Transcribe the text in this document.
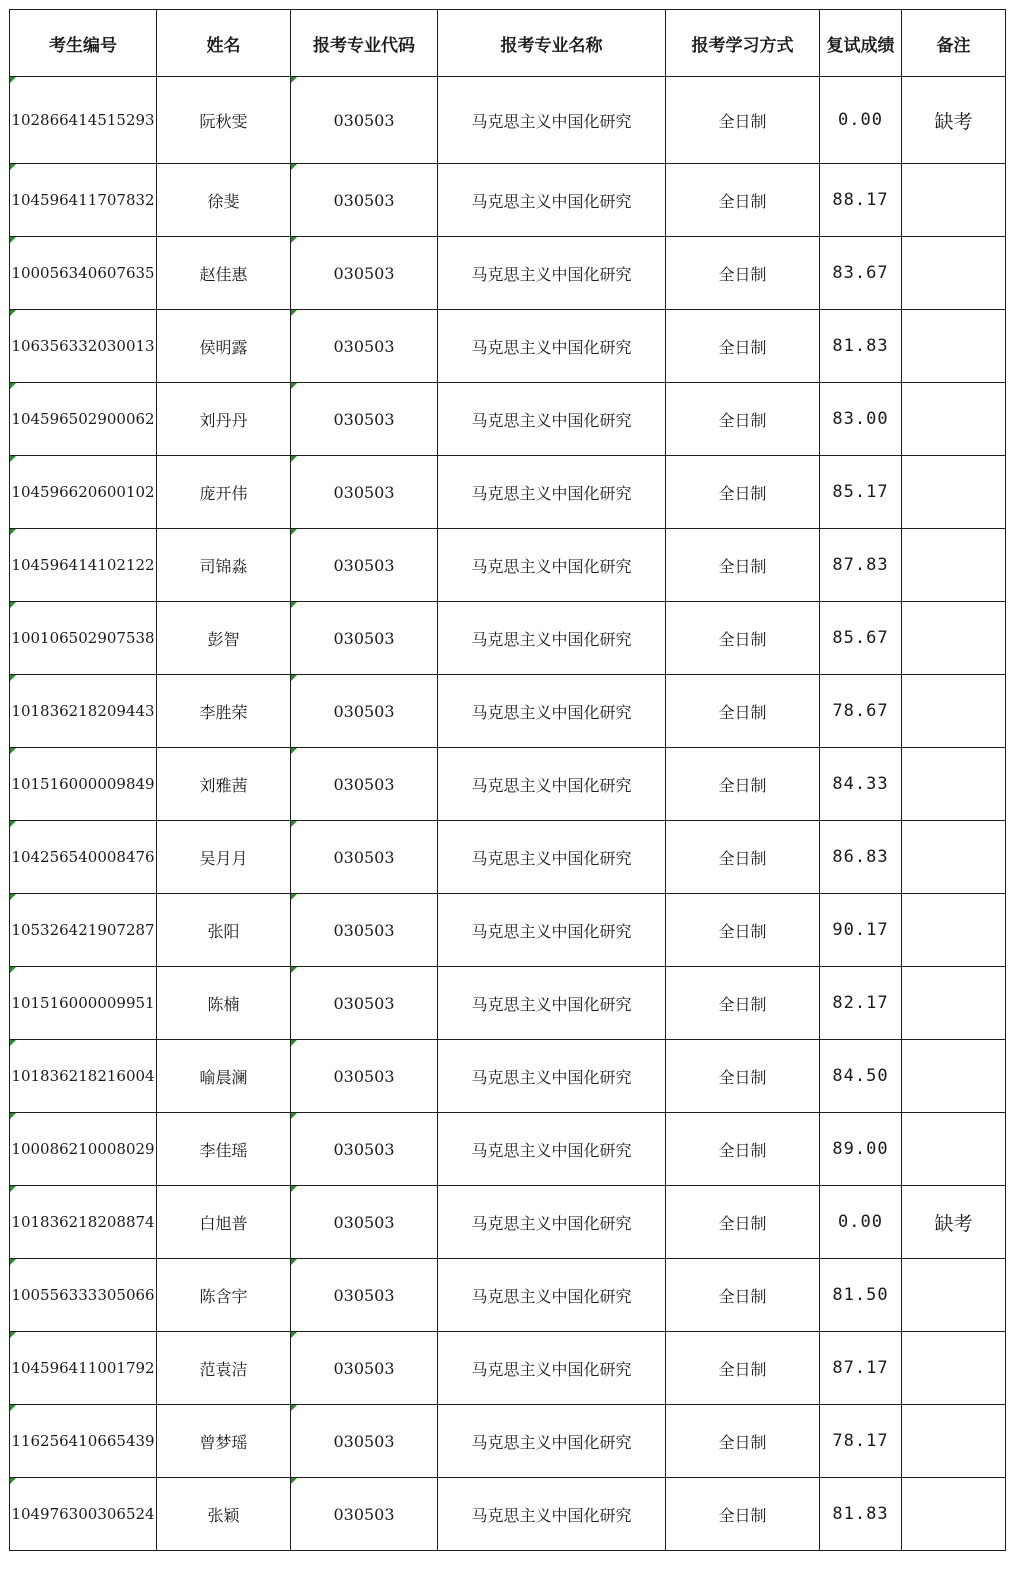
考生编号	姓名	报考专业代码	报考专业名称	报考学习方式	复试成绩	备注
102866414515293	阮秋雯	030503	马克思主义中国化研究	全日制	0.00	缺考
104596411707832	徐斐	030503	马克思主义中国化研究	全日制	88.17	
100056340607635	赵佳惠	030503	马克思主义中国化研究	全日制	83.67	
106356332030013	侯明露	030503	马克思主义中国化研究	全日制	81.83	
104596502900062	刘丹丹	030503	马克思主义中国化研究	全日制	83.00	
104596620600102	庞开伟	030503	马克思主义中国化研究	全日制	85.17	
104596414102122	司锦淼	030503	马克思主义中国化研究	全日制	87.83	
100106502907538	彭智	030503	马克思主义中国化研究	全日制	85.67	
101836218209443	李胜荣	030503	马克思主义中国化研究	全日制	78.67	
101516000009849	刘雅茜	030503	马克思主义中国化研究	全日制	84.33	
104256540008476	吴月月	030503	马克思主义中国化研究	全日制	86.83	
105326421907287	张阳	030503	马克思主义中国化研究	全日制	90.17	
101516000009951	陈楠	030503	马克思主义中国化研究	全日制	82.17	
101836218216004	喻晨澜	030503	马克思主义中国化研究	全日制	84.50	
100086210008029	李佳瑶	030503	马克思主义中国化研究	全日制	89.00	
101836218208874	白旭普	030503	马克思主义中国化研究	全日制	0.00	缺考
100556333305066	陈含宇	030503	马克思主义中国化研究	全日制	81.50	
104596411001792	范袁洁	030503	马克思主义中国化研究	全日制	87.17	
116256410665439	曾梦瑶	030503	马克思主义中国化研究	全日制	78.17	
104976300306524	张颖	030503	马克思主义中国化研究	全日制	81.83	
